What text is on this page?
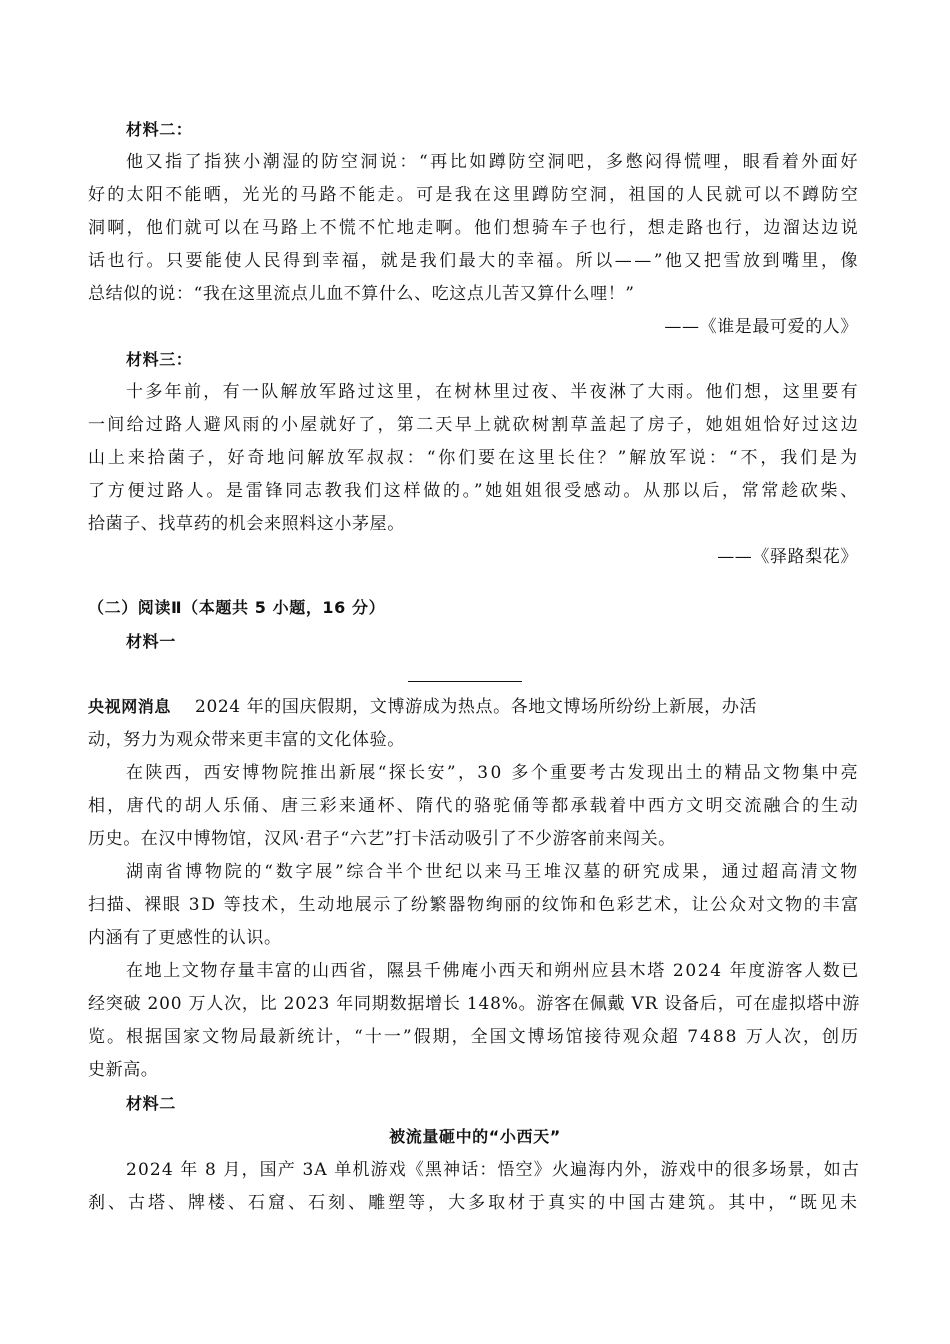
材料二：
他又指了指狭小潮湿的防空洞说：“再比如蹲防空洞吧，多憋闷得慌哩，眼看着外面好
好的太阳不能晒，光光的马路不能走。可是我在这里蹲防空洞，祖国的人民就可以不蹲防空
洞啊，他们就可以在马路上不慌不忙地走啊。他们想骑车子也行，想走路也行，边溜达边说
话也行。只要能使人民得到幸福，就是我们最大的幸福。所以——”他又把雪放到嘴里，像
总结似的说：“我在这里流点儿血不算什么、吃这点儿苦又算什么哩！”
——《谁是最可爱的人》
材料三：
十多年前，有一队解放军路过这里，在树林里过夜、半夜淋了大雨。他们想，这里要有
一间给过路人避风雨的小屋就好了，第二天早上就砍树割草盖起了房子，她姐姐恰好过这边
山上来拾菌子，好奇地问解放军叔叔：“你们要在这里长住？”解放军说：“不，我们是为
了方便过路人。是雷锋同志教我们这样做的。”她姐姐很受感动。从那以后，常常趁砍柴、
拾菌子、找草药的机会来照料这小茅屋。
——《驿路梨花》
（二）阅读Ⅱ（本题共 5 小题，16 分）
材料一
央视网消息 2024 年的国庆假期，文博游成为热点。各地文博场所纷纷上新展，办活
动，努力为观众带来更丰富的文化体验。
在陕西，西安博物院推出新展“探长安”，30 多个重要考古发现出土的精品文物集中亮
相，唐代的胡人乐俑、唐三彩来通杯、隋代的骆驼俑等都承载着中西方文明交流融合的生动
历史。在汉中博物馆，汉风·君子“六艺”打卡活动吸引了不少游客前来闯关。
湖南省博物院的“数字展”综合半个世纪以来马王堆汉墓的研究成果，通过超高清文物
扫描、裸眼 3D 等技术，生动地展示了纷繁器物绚丽的纹饰和色彩艺术，让公众对文物的丰富
内涵有了更感性的认识。
在地上文物存量丰富的山西省，隰县千佛庵小西天和朔州应县木塔 2024 年度游客人数已
经突破 200 万人次，比 2023 年同期数据增长 148%。游客在佩戴 VR 设备后，可在虚拟塔中游
览。根据国家文物局最新统计，“十一”假期，全国文博场馆接待观众超 7488 万人次，创历
史新高。
材料二
被流量砸中的“小西天”
2024 年 8 月，国产 3A 单机游戏《黑神话：悟空》火遍海内外，游戏中的很多场景，如古
刹、古塔、牌楼、石窟、石刻、雕塑等，大多取材于真实的中国古建筑。其中，“既见未
